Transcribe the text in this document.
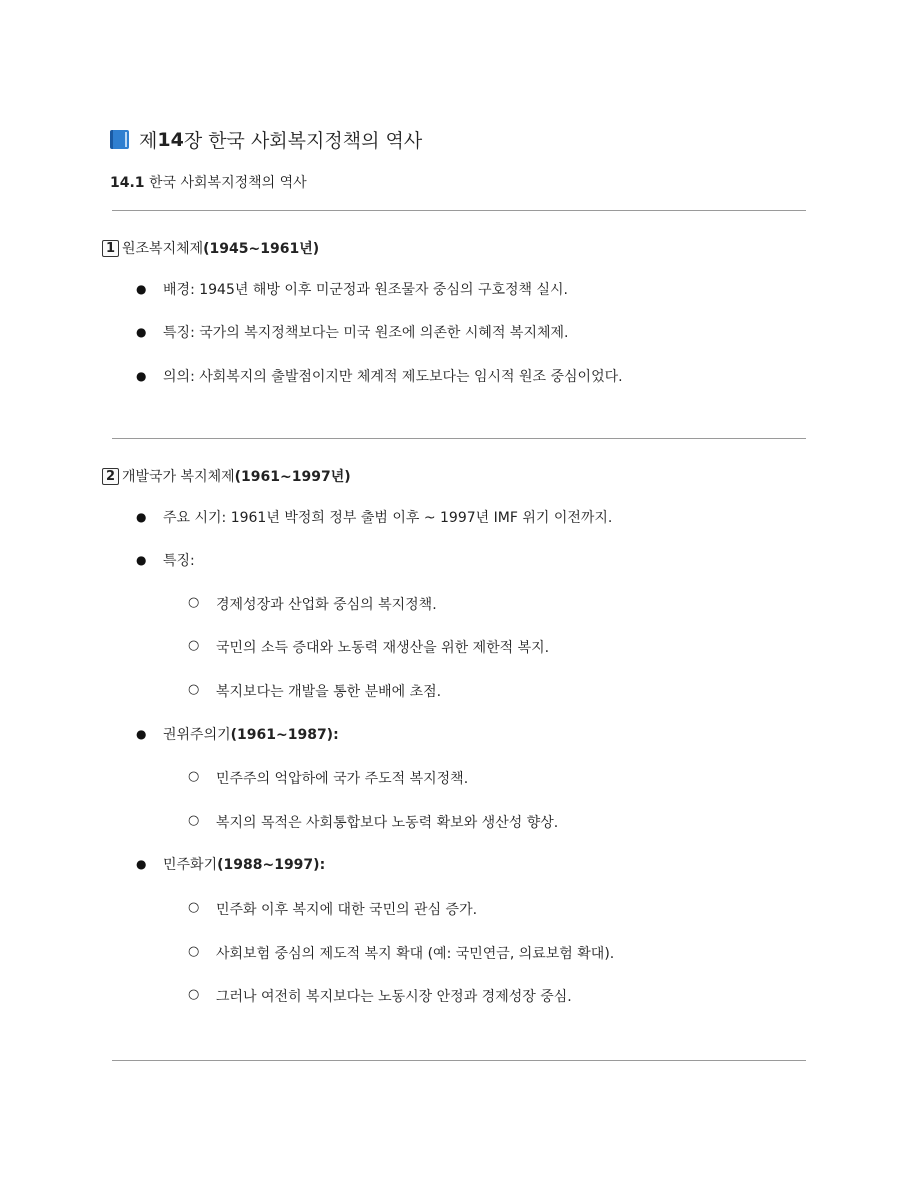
제 14 장 한국 사회복지정책의 역사
14.1 한국 사회복지정책의 역사
1 원조복지체제 (1945~1961년)
● 배경: 1945년 해방 이후 미군정과 원조물자 중심의 구호정책 실시.
● 특징: 국가의 복지정책보다는 미국 원조에 의존한 시혜적 복지체제.
● 의의: 사회복지의 출발점이지만 체계적 제도보다는 임시적 원조 중심이었다.
2 개발국가 복지체제 (1961~1997년)
● 주요 시기: 1961년 박정희 정부 출범 이후 ~ 1997년 IMF 위기 이전까지.
● 특징:
○ 경제성장과 산업화 중심의 복지정책.
○ 국민의 소득 증대와 노동력 재생산을 위한 제한적 복지.
○ 복지보다는 개발을 통한 분배에 초점.
● 권위주의기(1961~1987):
○ 민주주의 억압하에 국가 주도적 복지정책.
○ 복지의 목적은 사회통합보다 노동력 확보와 생산성 향상.
● 민주화기(1988~1997):
○ 민주화 이후 복지에 대한 국민의 관심 증가.
○ 사회보험 중심의 제도적 복지 확대 (예: 국민연금, 의료보험 확대).
○ 그러나 여전히 복지보다는 노동시장 안정과 경제성장 중심.
